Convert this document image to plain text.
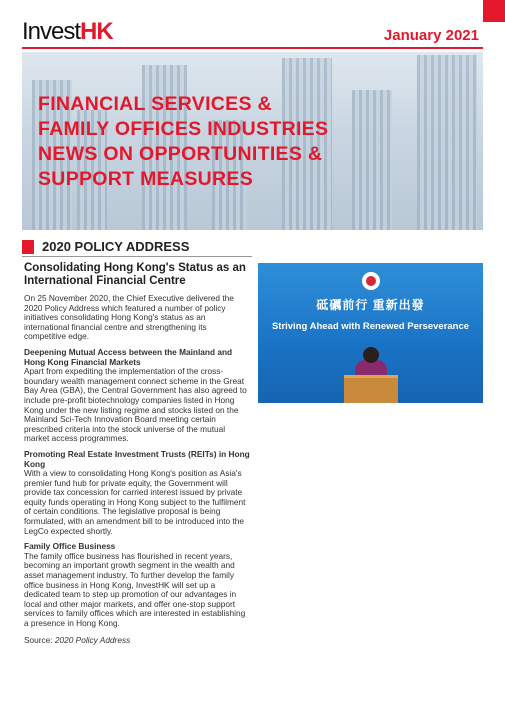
InvestHK	January 2021
FINANCIAL SERVICES &
FAMILY OFFICES INDUSTRIES
NEWS ON OPPORTUNITIES &
SUPPORT MEASURES
2020 POLICY ADDRESS
Consolidating Hong Kong's Status as an International Financial Centre

On 25 November 2020, the Chief Executive delivered the 2020 Policy Address which featured a number of policy initiatives consolidating Hong Kong's status as an international financial centre and strengthening its competitive edge.

Deepening Mutual Access between the Mainland and Hong Kong Financial Markets
Apart from expediting the implementation of the cross-boundary wealth management connect scheme in the Great Bay Area (GBA), the Central Government has also agreed to include pre-profit biotechnology companies listed in Hong Kong under the new listing regime and stocks listed on the Mainland Sci-Tech Innovation Board meeting certain prescribed criteria into the stock universe of the mutual market access programmes.

Promoting Real Estate Investment Trusts (REITs) in Hong Kong
With a view to consolidating Hong Kong's position as Asia's premier fund hub for private equity, the Government will provide tax concession for carried interest issued by private equity funds operating in Hong Kong subject to the fulfilment of certain conditions. The legislative proposal is being formulated, with an amendment bill to be introduced into the LegCo expected shortly.

Family Office Business
The family office business has flourished in recent years, becoming an important growth segment in the wealth and asset management industry. To further develop the family office business in Hong Kong, InvestHK will set up a dedicated team to step up promotion of our advantages in local and other major markets, and offer one-stop support services to family offices which are interested in establishing a presence in Hong Kong.

Source: 2020 Policy Address
砥礪前行 重新出發
Striving Ahead with Renewed Perseverance
